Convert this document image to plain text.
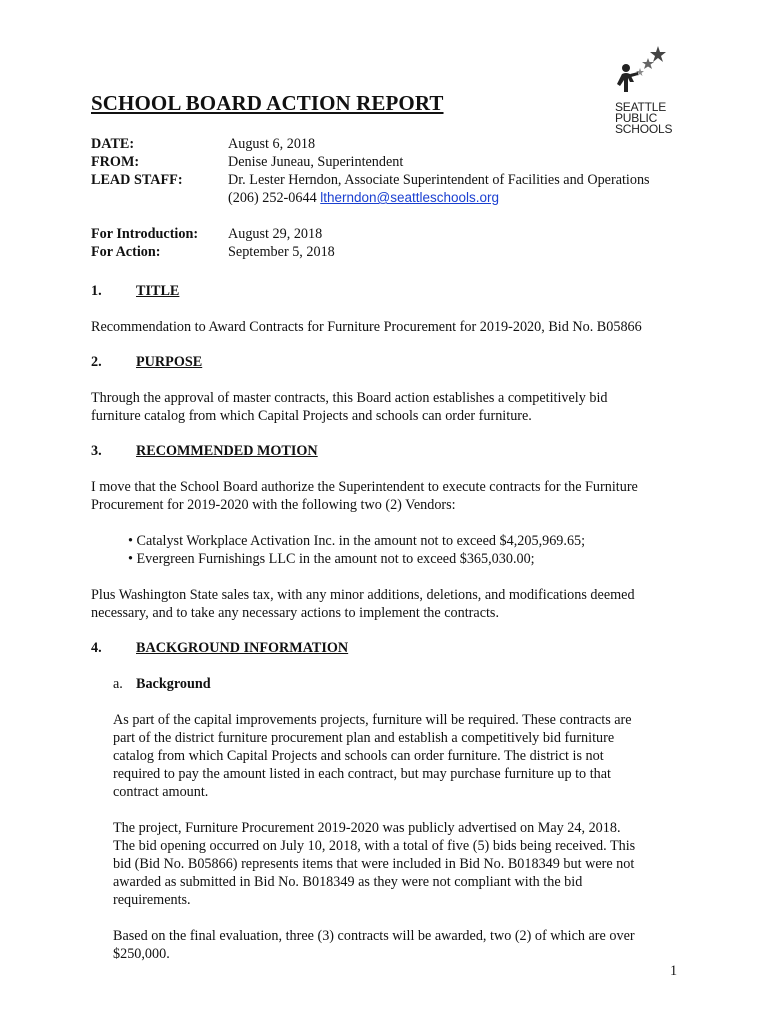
SCHOOL BOARD ACTION REPORT	SEATTLE
PUBLIC
SCHOOLS
DATE:	August 6, 2018
FROM:	Denise Juneau, Superintendent
LEAD STAFF:	Dr. Lester Herndon, Associate Superintendent of Facilities and Operations
(206) 252-0644 ltherndon@seattleschools.org
For Introduction: August 29, 2018
For Action:	September 5, 2018
1. TITLE
Recommendation to Award Contracts for Furniture Procurement for 2019-2020, Bid No. B05866
2. PURPOSE
Through the approval of master contracts, this Board action establishes a competitively bid
furniture catalog from which Capital Projects and schools can order furniture.
3. RECOMMENDED MOTION
I move that the School Board authorize the Superintendent to execute contracts for the Furniture
Procurement for 2019-2020 with the following two (2) Vendors:
• Catalyst Workplace Activation Inc. in the amount not to exceed $4,205,969.65;
• Evergreen Furnishings LLC in the amount not to exceed $365,030.00;
Plus Washington State sales tax, with any minor additions, deletions, and modifications deemed
necessary, and to take any necessary actions to implement the contracts.
4. BACKGROUND INFORMATION
a. Background
As part of the capital improvements projects, furniture will be required. These contracts are
part of the district furniture procurement plan and establish a competitively bid furniture
catalog from which Capital Projects and schools can order furniture. The district is not
required to pay the amount listed in each contract, but may purchase furniture up to that
contract amount.
The project, Furniture Procurement 2019-2020 was publicly advertised on May 24, 2018.
The bid opening occurred on July 10, 2018, with a total of five (5) bids being received. This
bid (Bid No. B05866) represents items that were included in Bid No. B018349 but were not
awarded as submitted in Bid No. B018349 as they were not compliant with the bid
requirements.
Based on the final evaluation, three (3) contracts will be awarded, two (2) of which are over
$250,000.
1
